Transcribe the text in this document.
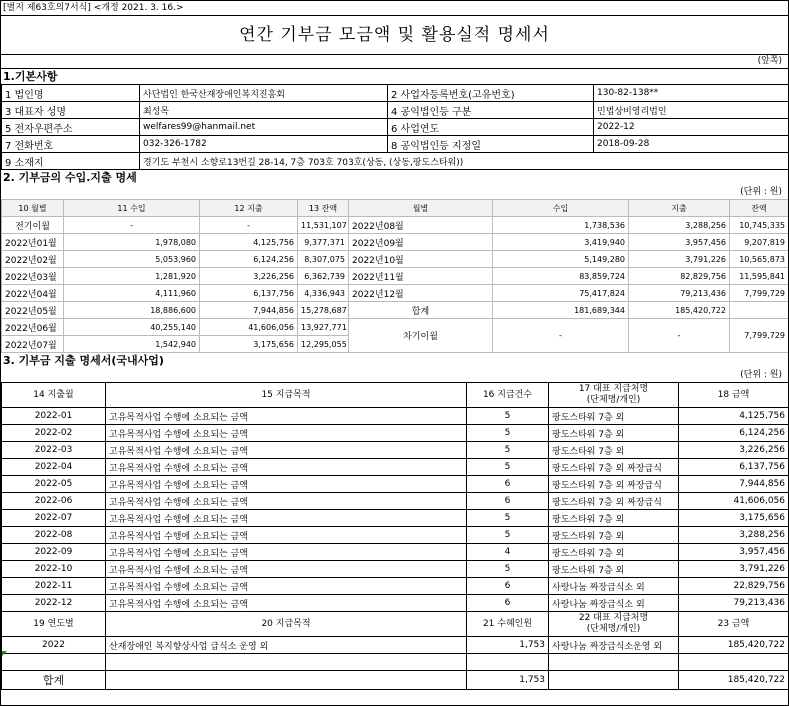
[별지 제63호의7서식] <개정 2021. 3. 16.>
연간 기부금 모금액 및 활용실적 명세서
(앞쪽)
1.기본사항
1 법인명	사단법인 한국산재장애인복지진흥회	2 사업자등록번호(고유번호)	130-82-138**
3 대표자 성명	최성목	4 공익법인등 구분	민법상비영리법인
5 전자우편주소	welfares99@hanmail.net	6 사업연도	2022-12
7 전화번호	032-326-1782	8 공익법인등 지정일	2018-09-28
9 소재지	경기도 부천시 소향로13번길 28-14, 7층 703호 703호(상동, (상동,팡도스타워))		
2. 기부금의 수입.지출 명세
(단위 : 원)
10 월별	11 수입	12 지출	13 잔액	월별	수입	지출	잔액
전기이월	-	-	11,531,107	2022년08월	1,738,536	3,288,256	10,745,335
2022년01월	1,978,080	4,125,756	9,377,371	2022년09월	3,419,940	3,957,456	9,207,819
2022년02월	5,053,960	6,124,256	8,307,075	2022년10월	5,149,280	3,791,226	10,565,873
2022년03월	1,281,920	3,226,256	6,362,739	2022년11월	83,859,724	82,829,756	11,595,841
2022년04월	4,111,960	6,137,756	4,336,943	2022년12월	75,417,824	79,213,436	7,799,729
2022년05월	18,886,600	7,944,856	15,278,687	합계	181,689,344	185,420,722	
2022년06월	40,255,140	41,606,056	13,927,771	차기이월	-	-	7,799,729
2022년07월	1,542,940	3,175,656	12,295,055				
3. 기부금 지출 명세서(국내사업)
(단위 : 원)
14 지출월	15 지급목적	16 지급건수	17 대표 지급처명
(단체명/개인)	18 금액
2022-01	고유목적사업 수행에 소요되는 금액	5	팡도스타워 7층 외	4,125,756
2022-02	고유목적사업 수행에 소요되는 금액	5	팡도스타워 7층 외	6,124,256
2022-03	고유목적사업 수행에 소요되는 금액	5	팡도스타워 7층 외	3,226,256
2022-04	고유목적사업 수행에 소요되는 금액	5	팡도스타워 7층 외 짜장급식	6,137,756
2022-05	고유목적사업 수행에 소요되는 금액	6	팡도스타워 7층 외 짜장급식	7,944,856
2022-06	고유목적사업 수행에 소요되는 금액	6	팡도스타워 7층 외 짜장급식	41,606,056
2022-07	고유목적사업 수행에 소요되는 금액	5	팡도스타워 7층 외	3,175,656
2022-08	고유목적사업 수행에 소요되는 금액	5	팡도스타워 7층 외	3,288,256
2022-09	고유목적사업 수행에 소요되는 금액	4	팡도스타워 7층 외	3,957,456
2022-10	고유목적사업 수행에 소요되는 금액	5	팡도스타워 7층 외	3,791,226
2022-11	고유목적사업 수행에 소요되는 금액	6	사랑나눔 짜장급식소 외	22,829,756
2022-12	고유목적사업 수행에 소요되는 금액	6	사랑나눔 짜장급식소 외	79,213,436
19 연도별	20 지급목적	21 수혜인원	22 대표 지급처명
(단체명/개인)	23 금액
2022	산재장애인 복지향상사업 급식소 운영 외	1,753	사랑나눔 짜장급식소운영 외	185,420,722

합계		1,753		185,420,722
